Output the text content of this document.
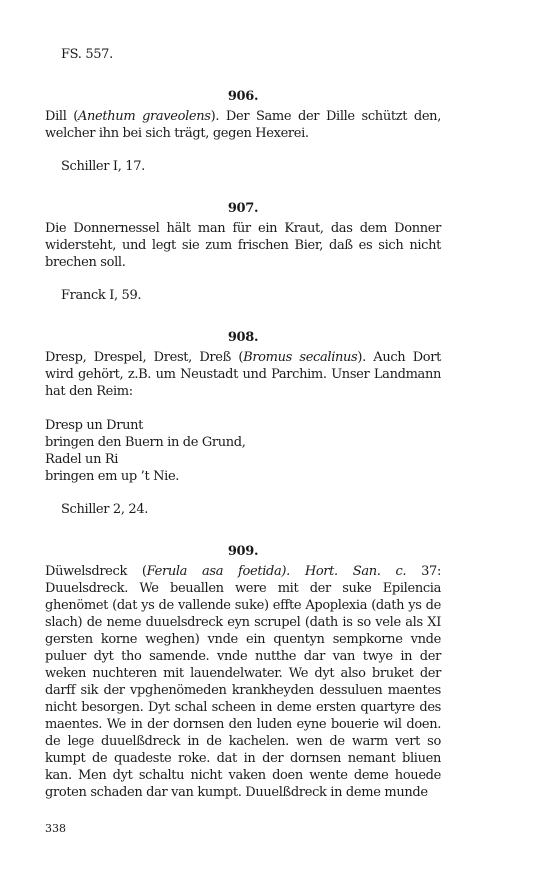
FS. 557.

906.

Dill (Anethum graveolens). Der Same der Dille schützt den, welcher ihn bei sich trägt, gegen Hexerei.

Schiller I, 17.

907.

Die Donnernessel hält man für ein Kraut, das dem Donner widersteht, und legt sie zum frischen Bier, daß es sich nicht brechen soll.

Franck I, 59.

908.

Dresp, Drespel, Drest, Dreß (Bromus secalinus). Auch Dort wird gehört, z.B. um Neustadt und Parchim. Unser Landmann hat den Reim:

Dresp un Drunt
bringen den Buern in de Grund,
Radel un Ri
bringen em up ’t Nie.

Schiller 2, 24.

909.

Düwelsdreck (Ferula asa foetida). Hort. San. c. 37: Duuelsdreck. We beuallen were mit der suke Epilencia ghenömet (dat ys de vallende suke) effte Apoplexia (dath ys de slach) de neme duuelsdreck eyn scrupel (dath is so vele als XI gersten korne weghen) vnde ein quentyn sempkorne vnde puluer dyt tho samende. vnde nutthe dar van twye in der weken nuchteren mit lauendelwater. We dyt also bruket der darff sik der vpghenömeden krankheyden dessuluen maentes nicht besorgen. Dyt schal scheen in deme ersten quartyre des maentes. We in der dornsen den luden eyne bouerie wil doen. de lege duuelßdreck in de kachelen. wen de warm vert so kumpt de quadeste roke. dat in der dornsen nemant bliuen kan. Men dyt schaltu nicht vaken doen wente deme houede groten schaden dar van kumpt. Duuelßdreck in deme munde

338
